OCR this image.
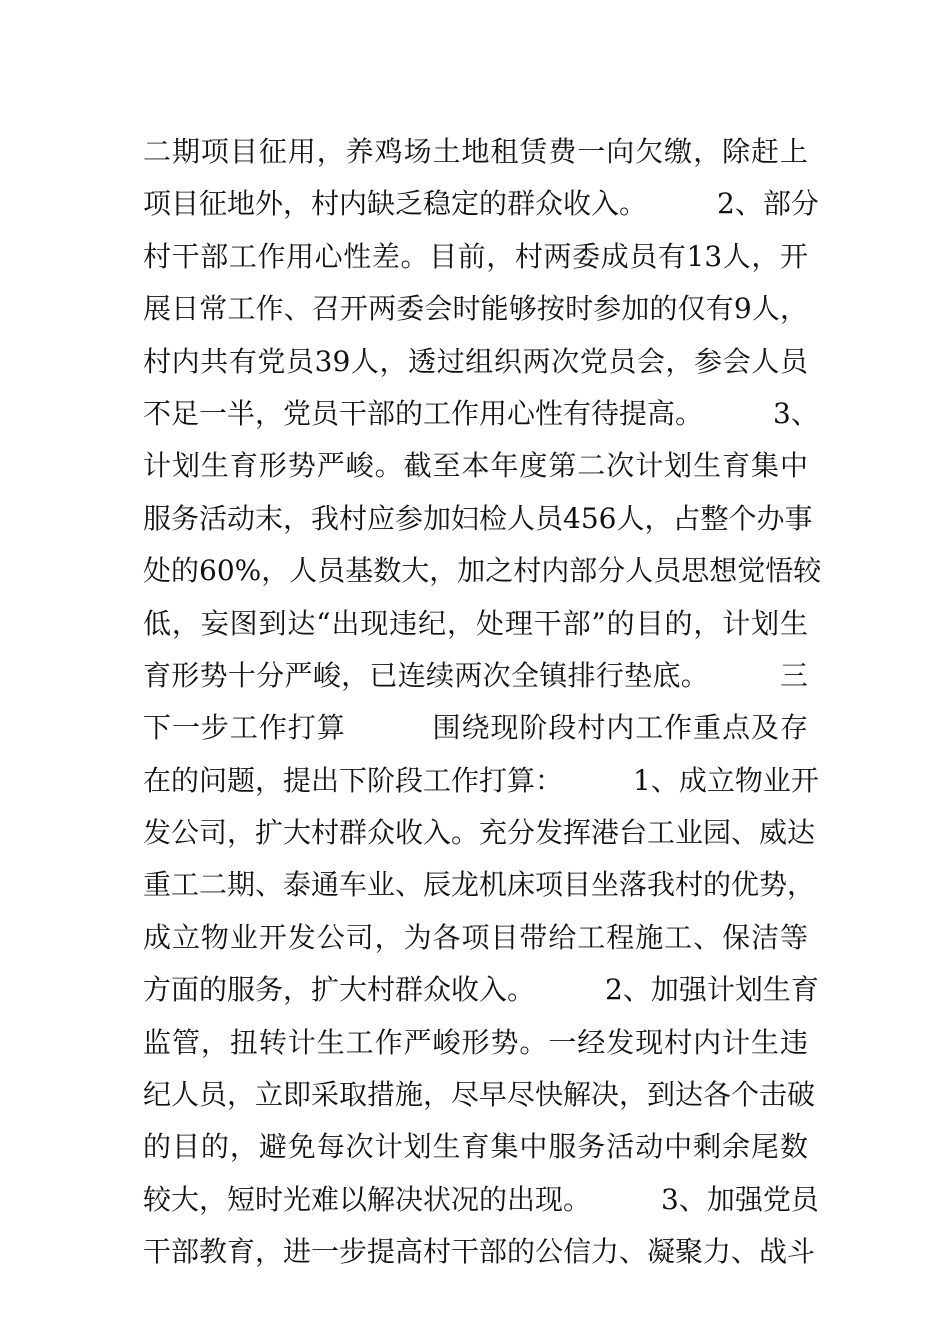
二期项目征用，养鸡场土地租赁费一向欠缴，除赶上
项目征地外，村内缺乏稳定的群众收入。　　　2、部分
村干部工作用心性差。目前，村两委成员有13人，开
展日常工作、召开两委会时能够按时参加的仅有9人，
村内共有党员39人，透过组织两次党员会，参会人员
不足一半，党员干部的工作用心性有待提高。　　　3、
计划生育形势严峻。截至本年度第二次计划生育集中
服务活动末，我村应参加妇检人员456人，占整个办事
处的60%，人员基数大，加之村内部分人员思想觉悟较
低，妄图到达“出现违纪，处理干部”的目的，计划生
育形势十分严峻，已连续两次全镇排行垫底。　　　三
下一步工作打算　　　围绕现阶段村内工作重点及存
在的问题，提出下阶段工作打算：　　　1、成立物业开
发公司，扩大村群众收入。充分发挥港台工业园、威达
重工二期、泰通车业、辰龙机床项目坐落我村的优势，
成立物业开发公司，为各项目带给工程施工、保洁等
方面的服务，扩大村群众收入。　　　2、加强计划生育
监管，扭转计生工作严峻形势。一经发现村内计生违
纪人员，立即采取措施，尽早尽快解决，到达各个击破
的目的，避免每次计划生育集中服务活动中剩余尾数
较大，短时光难以解决状况的出现。　　　3、加强党员
干部教育，进一步提高村干部的公信力、凝聚力、战斗
